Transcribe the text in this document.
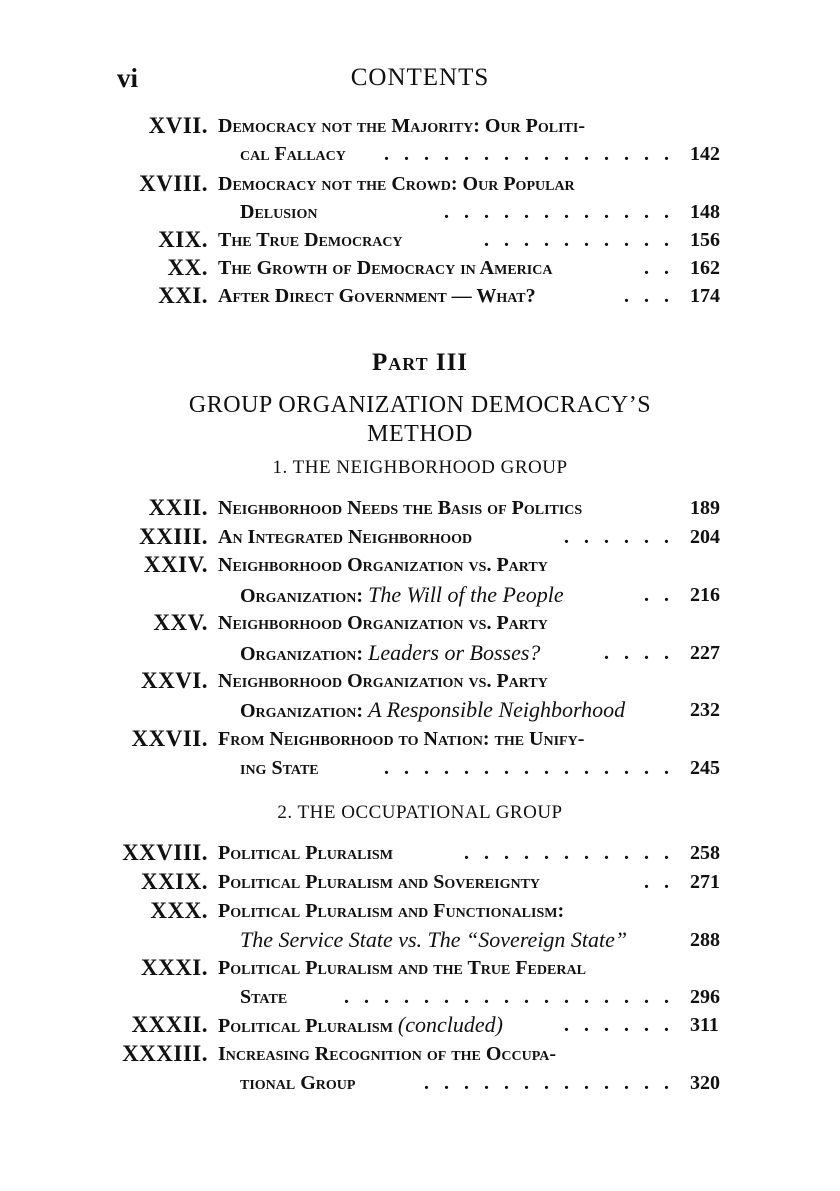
vi	CONTENTS
XVII. Democracy not the Majority: Our Politi-
cal Fallacy . . . . . . . . . . . . . . . 142
XVIII. Democracy not the Crowd: Our Popular
Delusion	. . . . . . . . . . . . 148
XIX. The True Democracy	. . . . . . . . . . 156
XX. The Growth of Democracy in America	. . 162
XXI. After Direct Government — What?	. . . 174
Part III
GROUP ORGANIZATION DEMOCRACY’S
METHOD
1. THE NEIGHBORHOOD GROUP
XXII. Neighborhood Needs the Basis of Politics	189
XXIII. An Integrated Neighborhood	. . . . . . 204
XXIV. Neighborhood Organization vs. Party
Organization: The Will of the People	. . 216
XXV. Neighborhood Organization vs. Party
Organization: Leaders or Bosses?	. . . . 227
XXVI. Neighborhood Organization vs. Party
Organization: A Responsible Neighborhood	232
XXVII. From Neighborhood to Nation: the Unify-
ing State	. . . . . . . . . . . . . . . 245
2. THE OCCUPATIONAL GROUP
XXVIII. Political Pluralism	. . . . . . . . . . . 258
XXIX. Political Pluralism and Sovereignty	. . 271
XXX. Political Pluralism and Functionalism:
The Service State vs. The “Sovereign State”	288
XXXI. Political Pluralism and the True Federal
State	. . . . . . . . . . . . . . . . . 296
XXXII. Political Pluralism (concluded)	. . . . . . 311
XXXIII. Increasing Recognition of the Occupa-
tional Group	. . . . . . . . . . . . . 320
